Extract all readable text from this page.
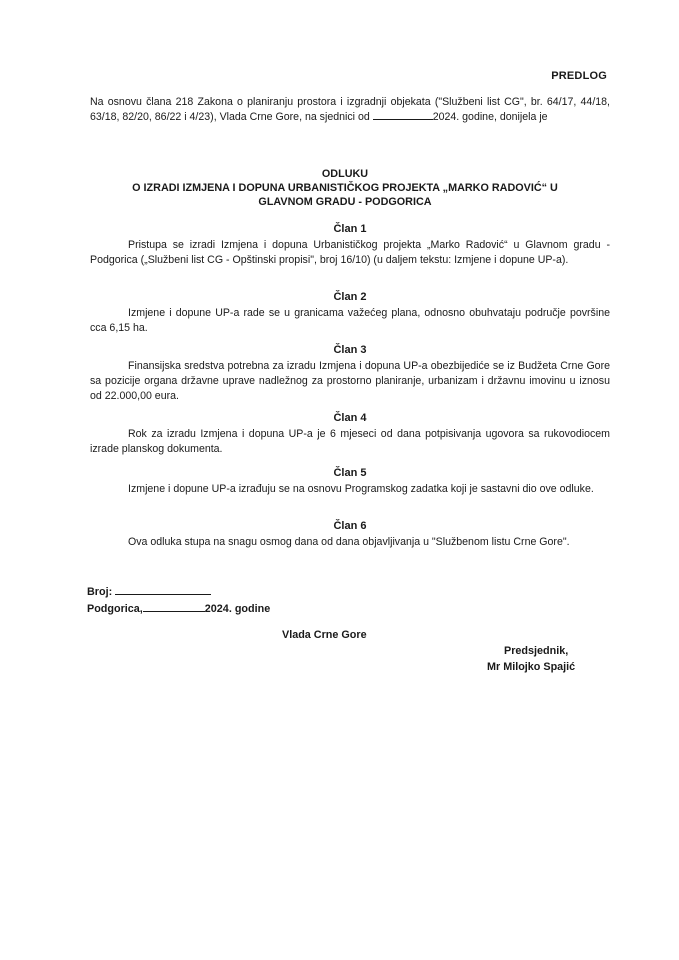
PREDLOG
Na osnovu člana 218 Zakona o planiranju prostora i izgradnji objekata ("Službeni list CG", br. 64/17, 44/18, 63/18, 82/20, 86/22 i 4/23), Vlada Crne Gore, na sjednici od	2024. godine, donijela je
ODLUKU
O IZRADI IZMJENA I DOPUNA URBANISTIČKOG PROJEKTA „MARKO RADOVIĆ“ U
GLAVNOM GRADU - PODGORICA
Član 1
Pristupa se izradi Izmjena i dopuna Urbanističkog projekta „Marko Radović“ u Glavnom gradu - Podgorica („Službeni list CG - Opštinski propisi", broj 16/10) (u daljem tekstu: Izmjene i dopune UP-a).
Član 2
Izmjene i dopune UP-a rade se u granicama važećeg plana, odnosno obuhvataju područje površine cca 6,15 ha.
Član 3
Finansijska sredstva potrebna za izradu Izmjena i dopuna UP-a obezbijediće se iz Budžeta Crne Gore sa pozicije organa državne uprave nadležnog za prostorno planiranje, urbanizam i državnu imovinu u iznosu od 22.000,00 eura.
Član 4
Rok za izradu Izmjena i dopuna UP-a je 6 mjeseci od dana potpisivanja ugovora sa rukovodiocem izrade planskog dokumenta.
Član 5
Izmjene i dopune UP-a izrađuju se na osnovu Programskog zadatka koji je sastavni dio ove odluke.
Član 6
Ova odluka stupa na snagu osmog dana od dana objavljivanja u "Službenom listu Crne Gore".
Broj:
Podgorica,	2024. godine
Vlada Crne Gore
Predsjednik,
Mr Milojko Spajić
